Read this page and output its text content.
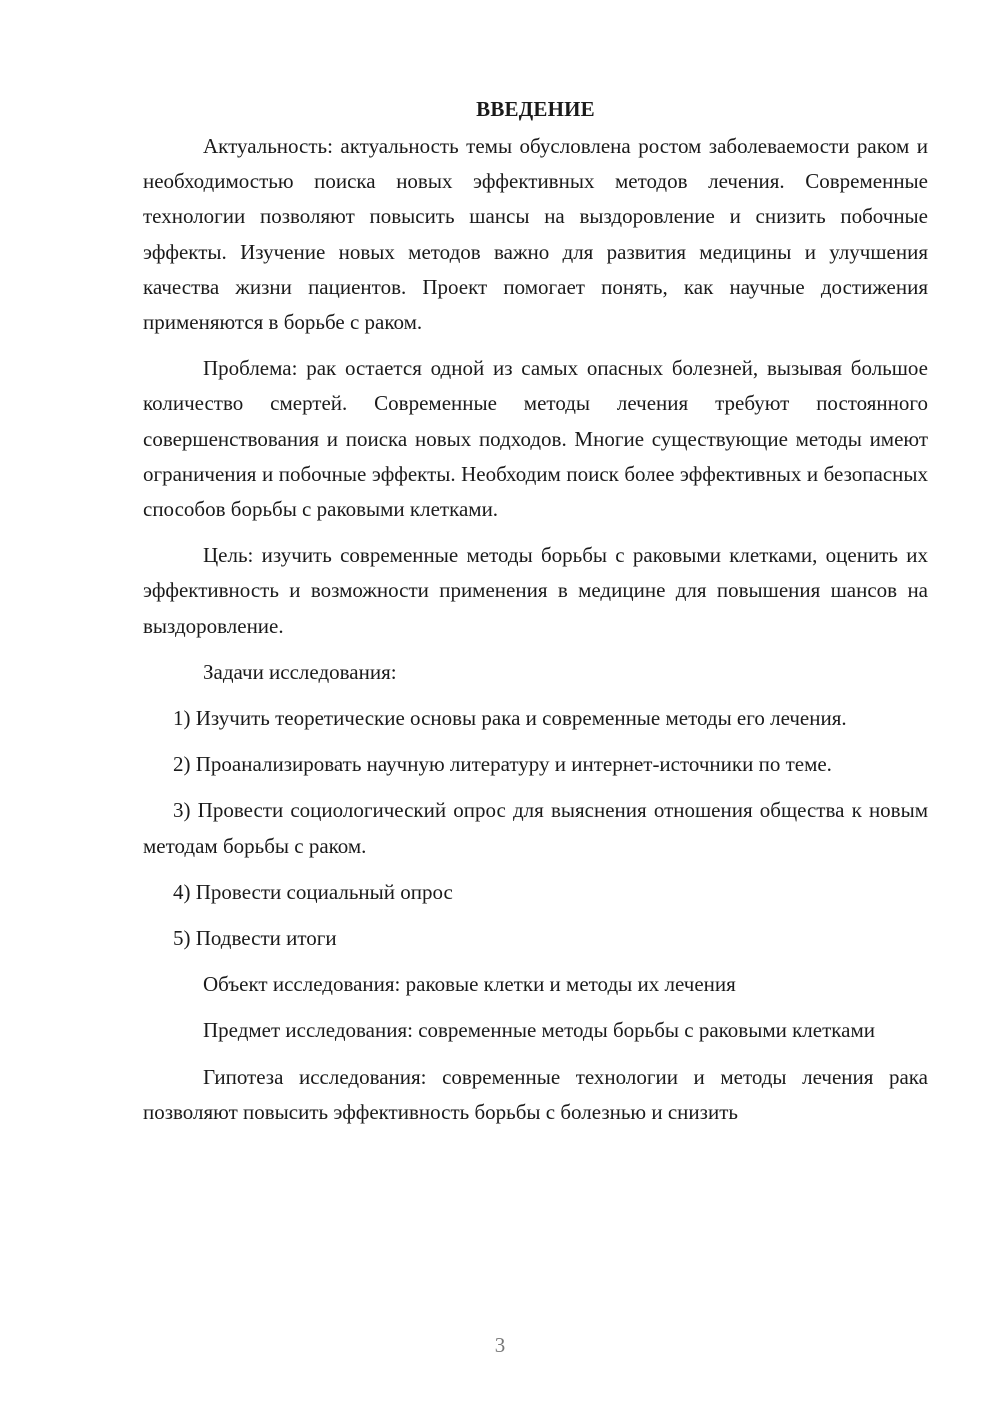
ВВЕДЕНИЕ

Актуальность: актуальность темы обусловлена ростом заболеваемости раком и необходимостью поиска новых эффективных методов лечения. Современные технологии позволяют повысить шансы на выздоровление и снизить побочные эффекты. Изучение новых методов важно для развития медицины и улучшения качества жизни пациентов. Проект помогает понять, как научные достижения применяются в борьбе с раком.

Проблема: рак остается одной из самых опасных болезней, вызывая большое количество смертей. Современные методы лечения требуют постоянного совершенствования и поиска новых подходов. Многие существующие методы имеют ограничения и побочные эффекты. Необходим поиск более эффективных и безопасных способов борьбы с раковыми клетками.

Цель: изучить современные методы борьбы с раковыми клетками, оценить их эффективность и возможности применения в медицине для повышения шансов на выздоровление.

Задачи исследования:

1) Изучить теоретические основы рака и современные методы его лечения.

2) Проанализировать научную литературу и интернет-источники по теме.

3) Провести социологический опрос для выяснения отношения общества к новым методам борьбы с раком.

4) Провести социальный опрос

5) Подвести итоги

Объект исследования: раковые клетки и методы их лечения

Предмет исследования: современные методы борьбы с раковыми клетками

Гипотеза исследования: современные технологии и методы лечения рака позволяют повысить эффективность борьбы с болезнью и снизить

3
